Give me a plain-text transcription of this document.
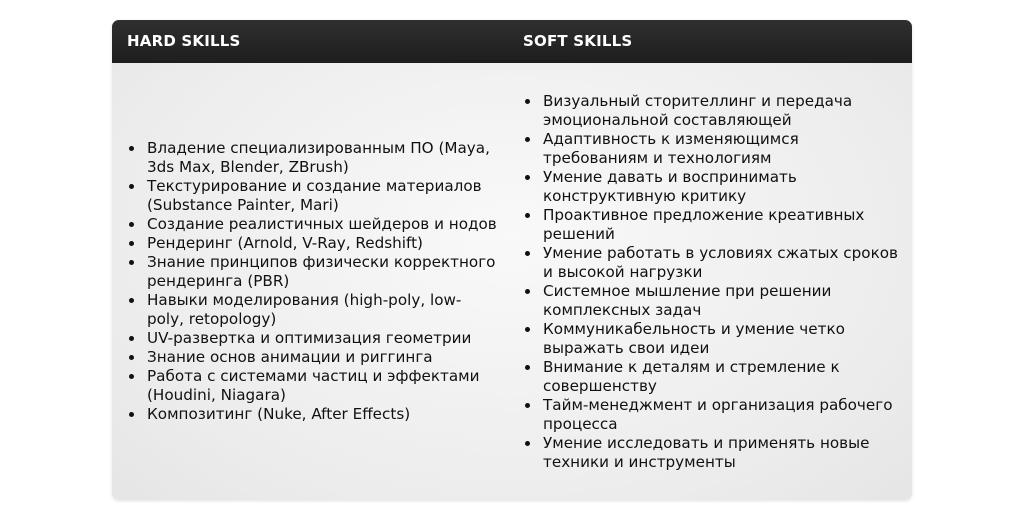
HARD SKILLS	SOFT SKILLS
Владение специализированным ПО (Maya, 3ds Max, Blender, ZBrush)
Текстурирование и создание материалов (Substance Painter, Mari)
Создание реалистичных шейдеров и нодов
Рендеринг (Arnold, V-Ray, Redshift)
Знание принципов физически корректного рендеринга (PBR)
Навыки моделирования (high-poly, low-poly, retopology)
UV-развертка и оптимизация геометрии
Знание основ анимации и риггинга
Работа с системами частиц и эффектами (Houdini, Niagara)
Композитинг (Nuke, After Effects)
Визуальный сторителлинг и передача эмоциональной составляющей
Адаптивность к изменяющимся требованиям и технологиям
Умение давать и воспринимать конструктивную критику
Проактивное предложение креативных решений
Умение работать в условиях сжатых сроков и высокой нагрузки
Системное мышление при решении комплексных задач
Коммуникабельность и умение четко выражать свои идеи
Внимание к деталям и стремление к совершенству
Тайм-менеджмент и организация рабочего процесса
Умение исследовать и применять новые техники и инструменты
